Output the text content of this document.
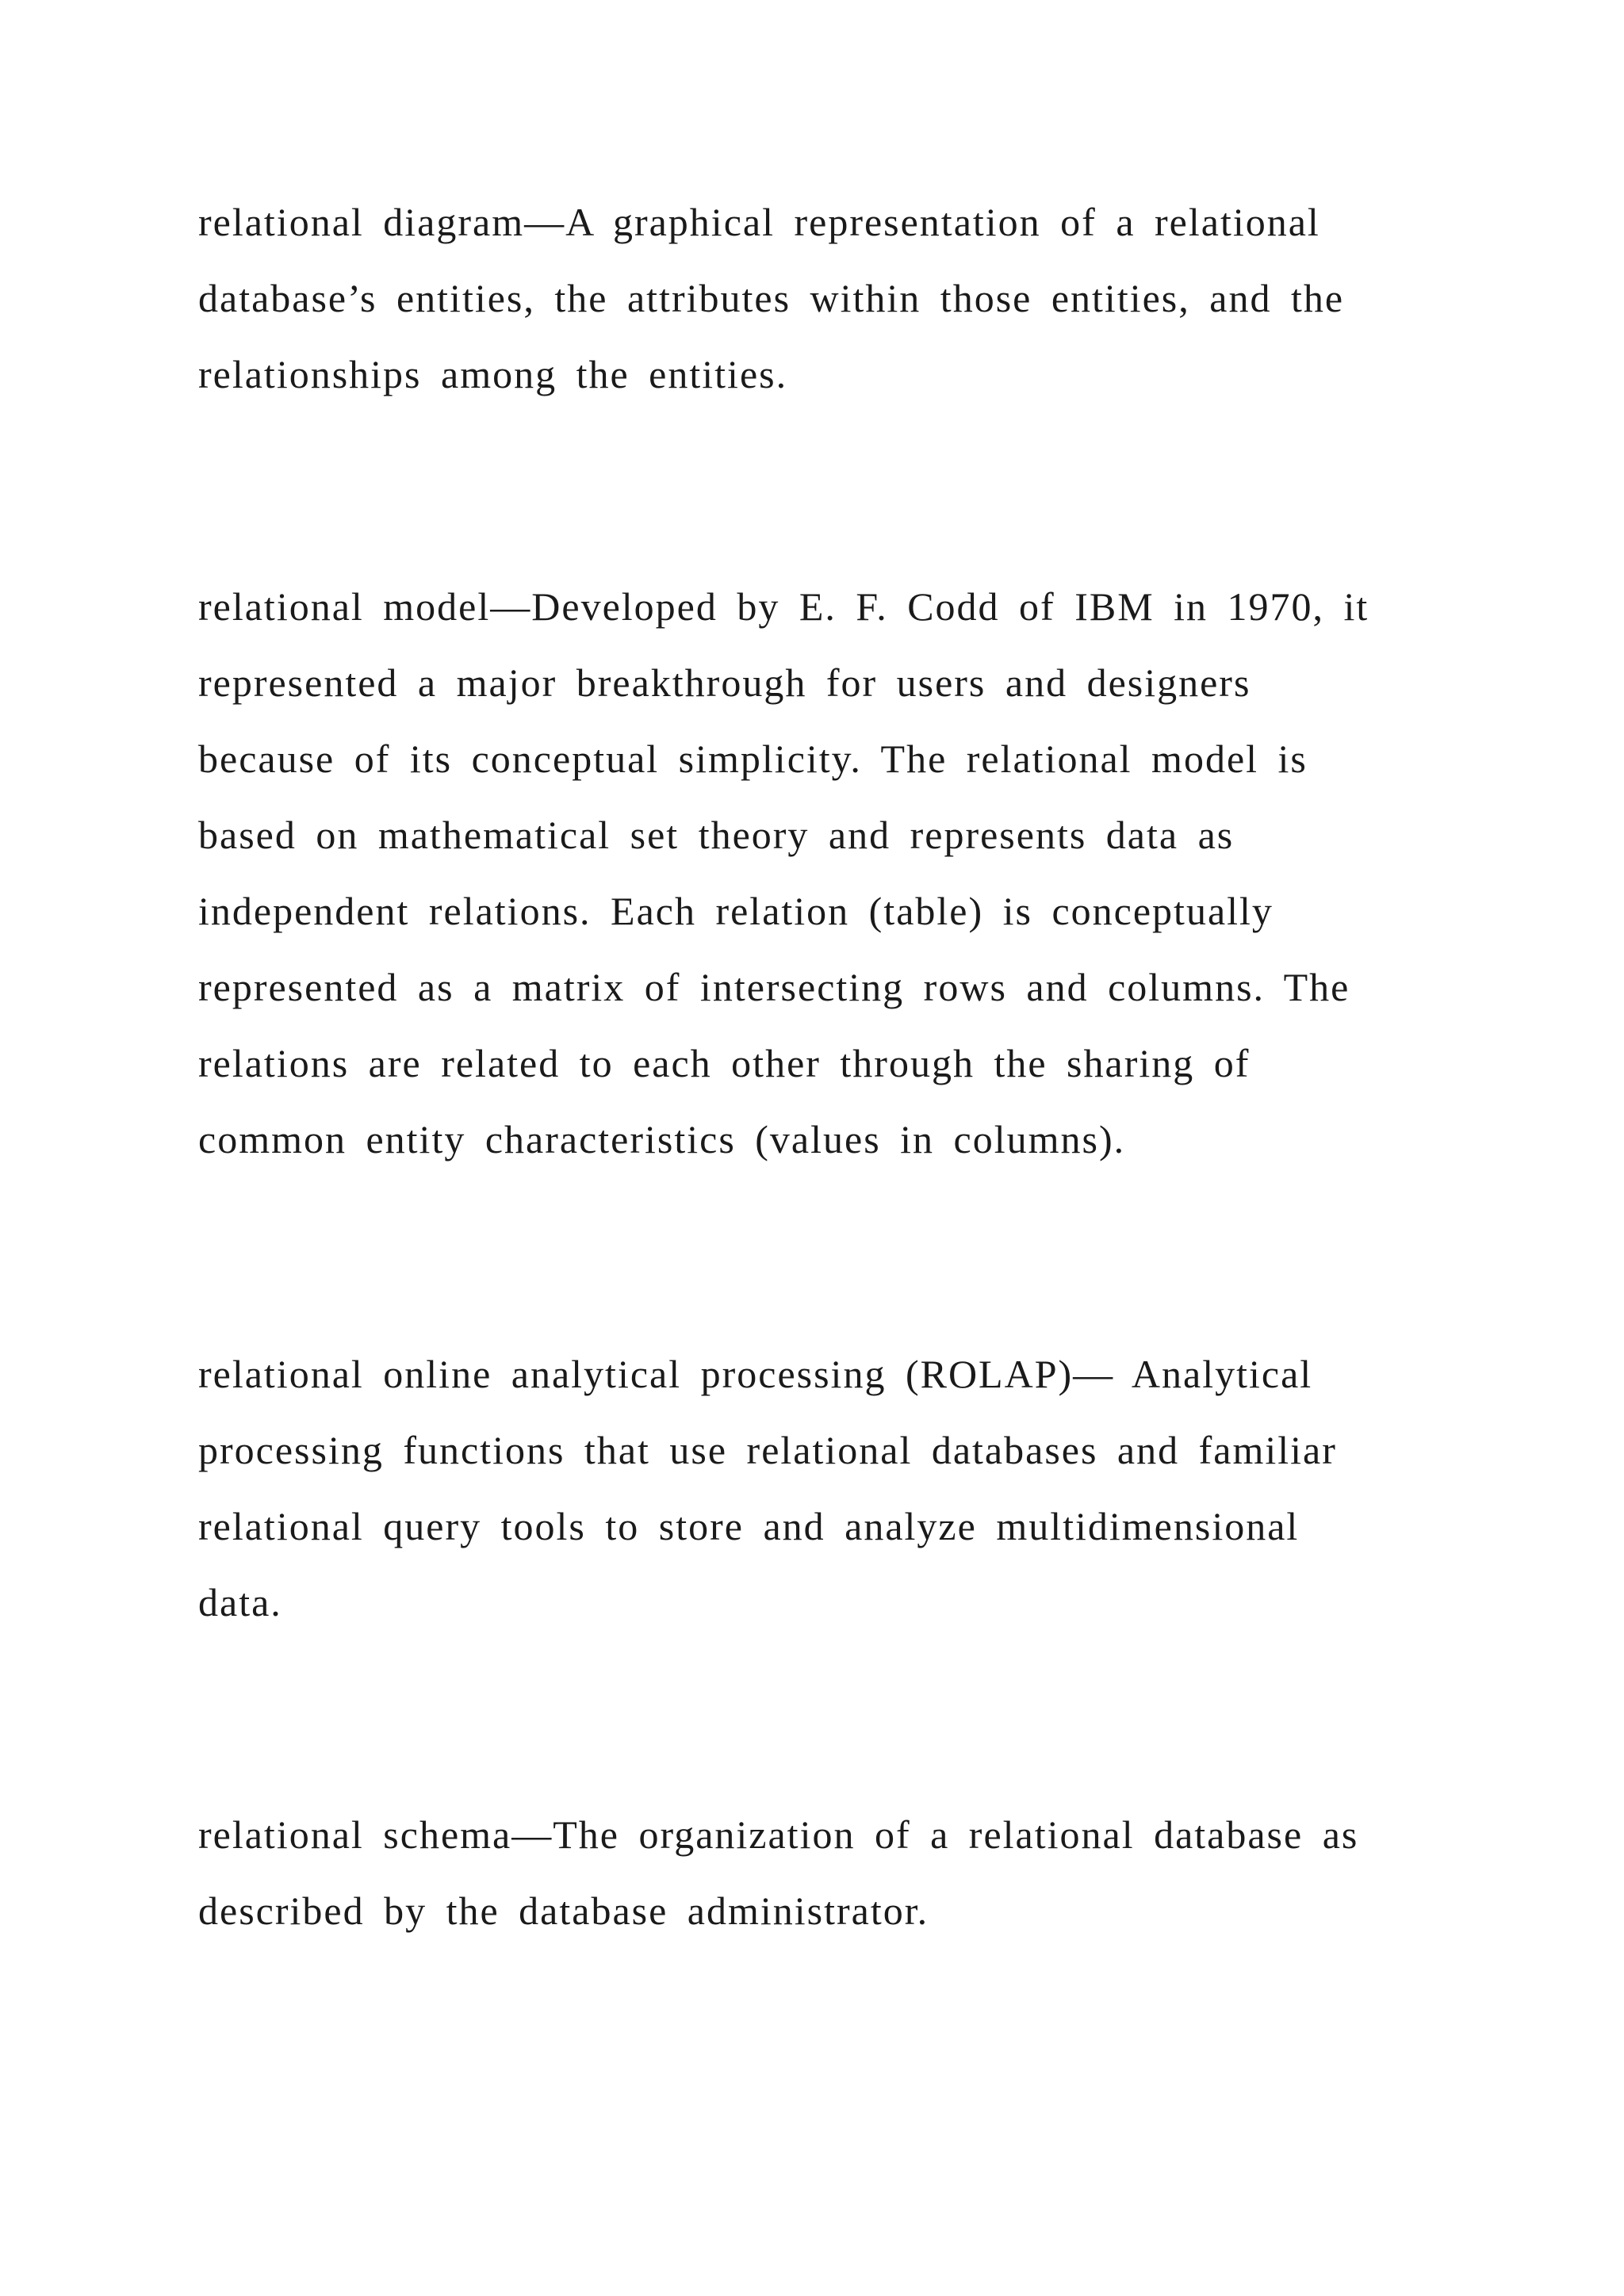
relational diagram—A graphical representation of a relational
database’s entities, the attributes within those entities, and the
relationships among the entities.

relational model—Developed by E. F. Codd of IBM in 1970, it
represented a major breakthrough for users and designers
because of its conceptual simplicity. The relational model is
based on mathematical set theory and represents data as
independent relations. Each relation (table) is conceptually
represented as a matrix of intersecting rows and columns. The
relations are related to each other through the sharing of
common entity characteristics (values in columns).

relational online analytical processing (ROLAP)— Analytical
processing functions that use relational databases and familiar
relational query tools to store and analyze multidimensional
data.

relational schema—The organization of a relational database as
described by the database administrator.
